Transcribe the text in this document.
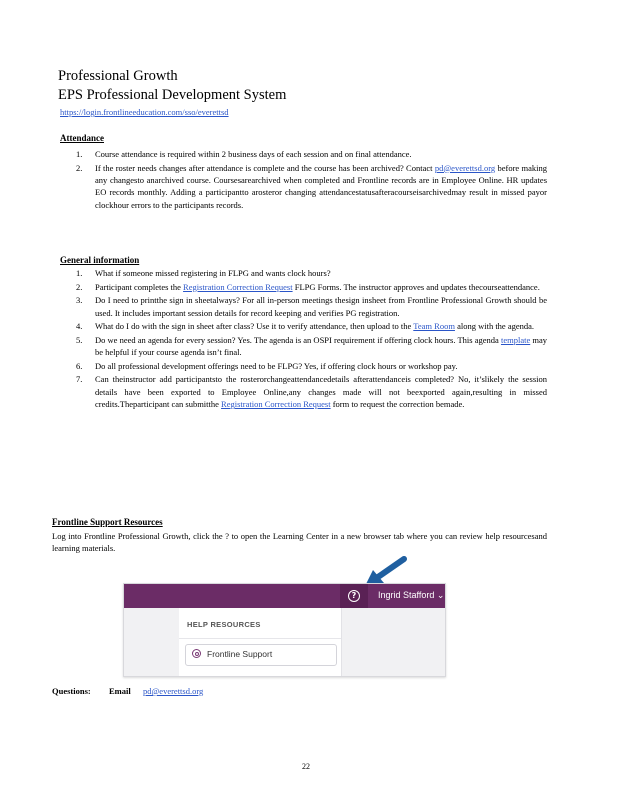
Professional Growth
EPS Professional Development System
https://login.frontlineeducation.com/sso/everettsd
Attendance
1. Course attendance is required within 2 business days of each session and on final attendance.
2. If the roster needs changes after attendance is complete and the course has been archived? Contact pd@everettsd.org before making any changesto anarchived course. Coursesarearchived when completed and Frontline records are in Employee Online. HR updates EO records monthly. Adding a participantto arosteror changing attendancestatusafteracourseisarchivedmay result in missed payor clockhour errors to the participants records.
General information
1. What if someone missed registering in FLPG and wants clock hours?
2. Participant completes the Registration Correction Request FLPG Forms. The instructor approves and updates thecourseattendance.
3. Do I need to printthe sign in sheetalways? For all in-person meetings thesign insheet from Frontline Professional Growth should be used. It includes important session details for record keeping and verifies PG registration.
4. What do I do with the sign in sheet after class? Use it to verify attendance, then upload to the Team Room along with the agenda.
5. Do we need an agenda for every session? Yes. The agenda is an OSPI requirement if offering clock hours. This agenda template may be helpful if your course agenda isn’t final.
6. Do all professional development offerings need to be FLPG? Yes, if offering clock hours or workshop pay.
7. Can theinstructor add participantsto the rosterorchangeattendancedetails afterattendanceis completed? No, it’slikely the session details have been exported to Employee Online,any changes made will not beexported again,resulting in missed credits.Theparticipant can submitthe Registration Correction Request form to request the correction bemade.
Frontline Support Resources
Log into Frontline Professional Growth, click the ? to open the Learning Center in a new browser tab where you can review help resourcesand learning materials.
?	Ingrid Stafford ⌄
HELP RESOURCES
Frontline Support
Questions: Email pd@everettsd.org
22
